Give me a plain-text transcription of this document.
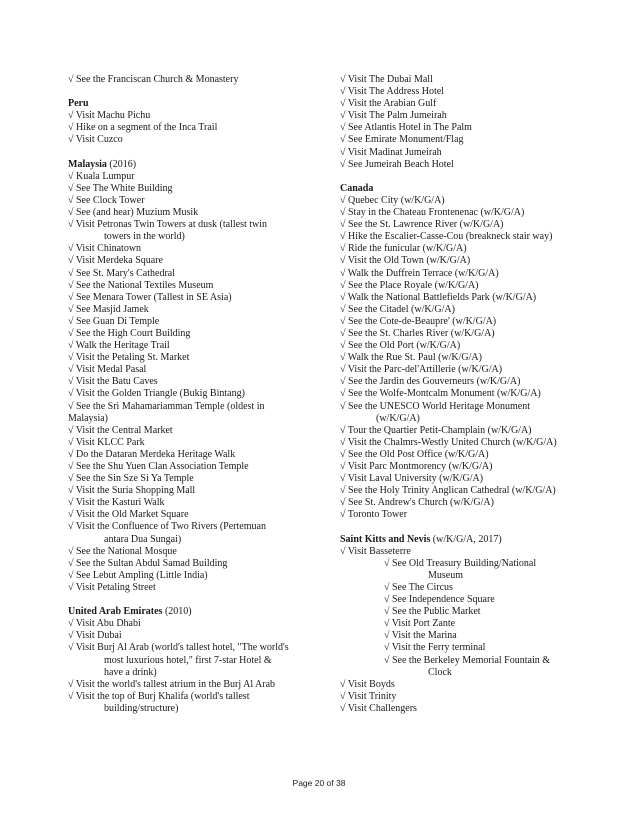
√ See the Franciscan Church & Monastery
Peru
√ Visit Machu Pichu
√ Hike on a segment of the Inca Trail
√ Visit Cuzco
Malaysia (2016)
√ Kuala Lumpur
√ See The White Building
√ See Clock Tower
√ See (and hear) Muzium Musik
√ Visit Petronas Twin Towers at dusk (tallest twin
towers in the world)
√ Visit Chinatown
√ Visit Merdeka Square
√ See St. Mary's Cathedral
√ See the National Textiles Museum
√ See Menara Tower (Tallest in SE Asia)
√ See Masjid Jamek
√ See Guan Di Temple
√ See the High Court Building
√ Walk the Heritage Trail
√ Visit the Petaling St. Market
√ Visit Medal Pasal
√ Visit the Batu Caves
√ Visit the Golden Triangle (Bukig Bintang)
√ See the Sri Mahamariamman Temple (oldest in
Malaysia)
√ Visit the Central Market
√ Visit KLCC Park
√ Do the Dataran Merdeka Heritage Walk
√ See the Shu Yuen Clan Association Temple
√ See the Sin Sze Si Ya Temple
√ Visit the Suria Shopping Mall
√ Visit the Kasturi Walk
√ Visit the Old Market Square
√ Visit the Confluence of Two Rivers (Pertemuan
antara Dua Sungai)
√ See the National Mosque
√ See the Sultan Abdul Samad Building
√ See Lebut Ampling (Little India)
√ Visit Petaling Street
United Arab Emirates (2010)
√ Visit Abu Dhabi
√ Visit Dubai
√ Visit Burj Al Arab (world's tallest hotel, "The world's
most luxurious hotel," first 7-star Hotel &
have a drink)
√ Visit the world's tallest atrium in the Burj Al Arab
√ Visit the top of Burj Khalifa (world's tallest
building/structure)
√ Visit The Dubai Mall
√ Visit The Address Hotel
√ Visit the Arabian Gulf
√ Visit The Palm Jumeirah
√ See Atlantis Hotel in The Palm
√ See Emirate Monument/Flag
√ Visit Madinat Jumeirah
√ See Jumeirah Beach Hotel
Canada
√ Quebec City (w/K/G/A)
√ Stay in the Chateau Frontenenac (w/K/G/A)
√ See the St. Lawrence River (w/K/G/A)
√ Hike the Escalier-Casse-Cou (breakneck stair way)
√ Ride the funicular (w/K/G/A)
√ Visit the Old Town (w/K/G/A)
√ Walk the Duffrein Terrace (w/K/G/A)
√ See the Place Royale (w/K/G/A)
√ Walk the National Battlefields Park (w/K/G/A)
√ See the Citadel (w/K/G/A)
√ See the Cote-de-Beaupre' (w/K/G/A)
√ See the St. Charles River (w/K/G/A)
√ See the Old Port (w/K/G/A)
√ Walk the Rue St. Paul (w/K/G/A)
√ Visit the Parc-del'Artillerie (w/K/G/A)
√ See the Jardin des Gouverneurs (w/K/G/A)
√ See the Wolfe-Montcalm Monument (w/K/G/A)
√ See the UNESCO World Heritage Monument
(w/K/G/A)
√ Tour the Quartier Petit-Champlain (w/K/G/A)
√ Visit the Chalmrs-Westly United Church (w/K/G/A)
√ See the Old Post Office (w/K/G/A)
√ Visit Parc Montmorency (w/K/G/A)
√ Visit Laval University (w/K/G/A)
√ See the Holy Trinity Anglican Cathedral (w/K/G/A)
√ See St. Andrew's Church (w/K/G/A)
√ Toronto Tower
Saint Kitts and Nevis (w/K/G/A, 2017)
√ Visit Basseterre
√ See Old Treasury Building/National
Museum
√ See The Circus
√ See Independence Square
√ See the Public Market
√ Visit Port Zante
√ Visit the Marina
√ Visit the Ferry terminal
√ See the Berkeley Memorial Fountain &
Clock
√ Visit Boyds
√ Visit Trinity
√ Visit Challengers
Page 20 of 38
